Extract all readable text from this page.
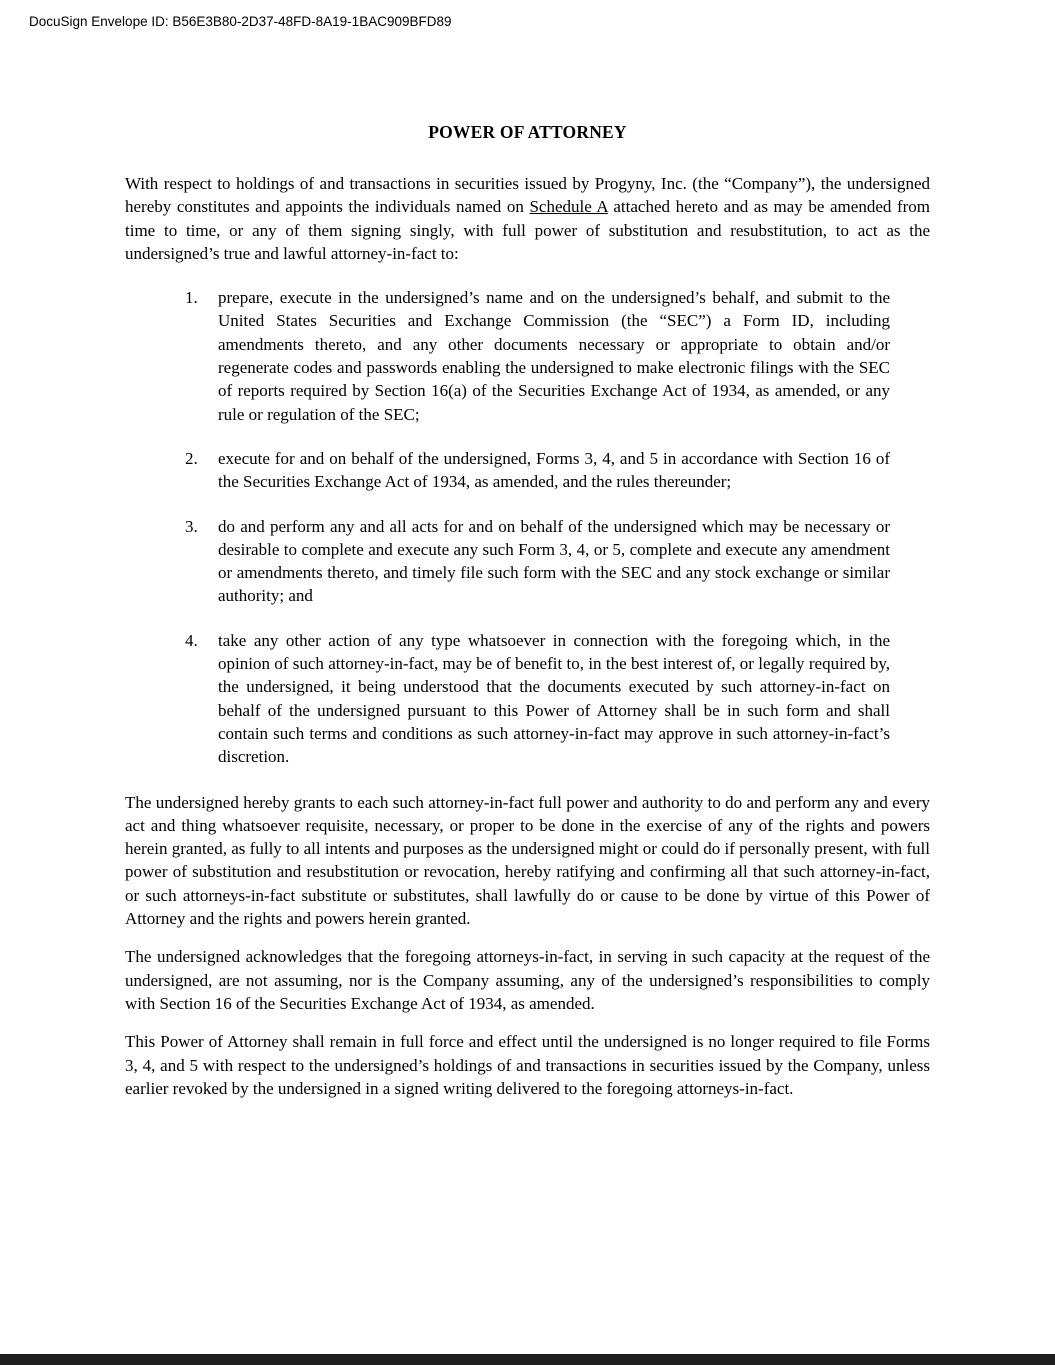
DocuSign Envelope ID: B56E3B80-2D37-48FD-8A19-1BAC909BFD89
POWER OF ATTORNEY

With respect to holdings of and transactions in securities issued by Progyny, Inc. (the “Company”), the undersigned hereby constitutes and appoints the individuals named on Schedule A attached hereto and as may be amended from time to time, or any of them signing singly, with full power of substitution and resubstitution, to act as the undersigned’s true and lawful attorney-in-fact to:

1.	prepare, execute in the undersigned’s name and on the undersigned’s behalf, and submit to the United States Securities and Exchange Commission (the “SEC”) a Form ID, including amendments thereto, and any other documents necessary or appropriate to obtain and/or regenerate codes and passwords enabling the undersigned to make electronic filings with the SEC of reports required by Section 16(a) of the Securities Exchange Act of 1934, as amended, or any rule or regulation of the SEC;
2.	execute for and on behalf of the undersigned, Forms 3, 4, and 5 in accordance with Section 16 of the Securities Exchange Act of 1934, as amended, and the rules thereunder;
3.	do and perform any and all acts for and on behalf of the undersigned which may be necessary or desirable to complete and execute any such Form 3, 4, or 5, complete and execute any amendment or amendments thereto, and timely file such form with the SEC and any stock exchange or similar authority; and
4.	take any other action of any type whatsoever in connection with the foregoing which, in the opinion of such attorney-in-fact, may be of benefit to, in the best interest of, or legally required by, the undersigned, it being understood that the documents executed by such attorney-in-fact on behalf of the undersigned pursuant to this Power of Attorney shall be in such form and shall contain such terms and conditions as such attorney-in-fact may approve in such attorney-in-fact’s discretion.

The undersigned hereby grants to each such attorney-in-fact full power and authority to do and perform any and every act and thing whatsoever requisite, necessary, or proper to be done in the exercise of any of the rights and powers herein granted, as fully to all intents and purposes as the undersigned might or could do if personally present, with full power of substitution and resubstitution or revocation, hereby ratifying and confirming all that such attorney-in-fact, or such attorneys-in-fact substitute or substitutes, shall lawfully do or cause to be done by virtue of this Power of Attorney and the rights and powers herein granted.

The undersigned acknowledges that the foregoing attorneys-in-fact, in serving in such capacity at the request of the undersigned, are not assuming, nor is the Company assuming, any of the undersigned’s responsibilities to comply with Section 16 of the Securities Exchange Act of 1934, as amended.

This Power of Attorney shall remain in full force and effect until the undersigned is no longer required to file Forms 3, 4, and 5 with respect to the undersigned’s holdings of and transactions in securities issued by the Company, unless earlier revoked by the undersigned in a signed writing delivered to the foregoing attorneys-in-fact.
